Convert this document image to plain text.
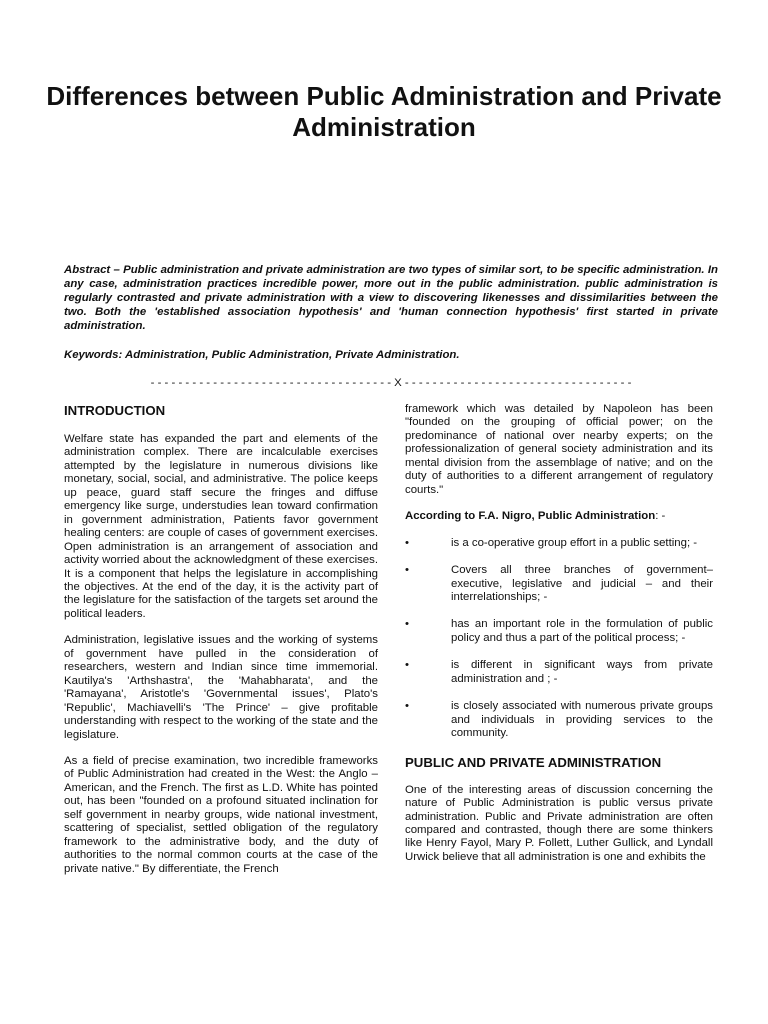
Differences between Public Administration and Private Administration

Abstract – Public administration and private administration are two types of similar sort, to be specific administration. In any case, administration practices incredible power, more out in the public administration. public administration is regularly contrasted and private administration with a view to discovering likenesses and dissimilarities between the two. Both the 'established association hypothesis' and 'human connection hypothesis' first started in private administration.

Keywords: Administration, Public Administration, Private Administration.

- - - - - - - - - - - - - - - - - - - - - - - - - - - - - - - - - - - X - - - - - - - - - - - - - - - - - - - - - - - - - - - - - - - - -

INTRODUCTION

Welfare state has expanded the part and elements of the administration complex. There are incalculable exercises attempted by the legislature in numerous divisions like monetary, social, social, and administrative. The police keeps up peace, guard staff secure the fringes and diffuse emergency like surge, understudies lean toward confirmation in government administration, Patients favor government healing centers: are couple of cases of government exercises. Open administration is an arrangement of association and activity worried about the acknowledgment of these exercises. It is a component that helps the legislature in accomplishing the objectives. At the end of the day, it is the activity part of the legislature for the satisfaction of the targets set around the political leaders.

Administration, legislative issues and the working of systems of government have pulled in the consideration of researchers, western and Indian since time immemorial. Kautilya's 'Arthshastra', the 'Mahabharata', and the 'Ramayana', Aristotle's 'Governmental issues', Plato's 'Republic', Machiavelli's 'The Prince' – give profitable understanding with respect to the working of the state and the legislature.

As a field of precise examination, two incredible frameworks of Public Administration had created in the West: the Anglo – American, and the French. The first as L.D. White has pointed out, has been "founded on a profound situated inclination for self government in nearby groups, wide national investment, scattering of specialist, settled obligation of the regulatory framework to the administrative body, and the duty of authorities to the normal common courts at the case of the private native." By differentiate, the French

framework which was detailed by Napoleon has been "founded on the grouping of official power; on the predominance of national over nearby experts; on the professionalization of general society administration and its mental division from the assemblage of native; and on the duty of authorities to a different arrangement of regulatory courts."

According to F.A. Nigro, Public Administration: -

•	is a co-operative group effort in a public setting; -
•	Covers all three branches of government– executive, legislative and judicial – and their interrelationships; -
•	has an important role in the formulation of public policy and thus a part of the political process; -
•	is different in significant ways from private administration and ; -
•	is closely associated with numerous private groups and individuals in providing services to the community.
PUBLIC AND PRIVATE ADMINISTRATION

One of the interesting areas of discussion concerning the nature of Public Administration is public versus private administration. Public and Private administration are often compared and contrasted, though there are some thinkers like Henry Fayol, Mary P. Follett, Luther Gullick, and Lyndall Urwick believe that all administration is one and exhibits the
